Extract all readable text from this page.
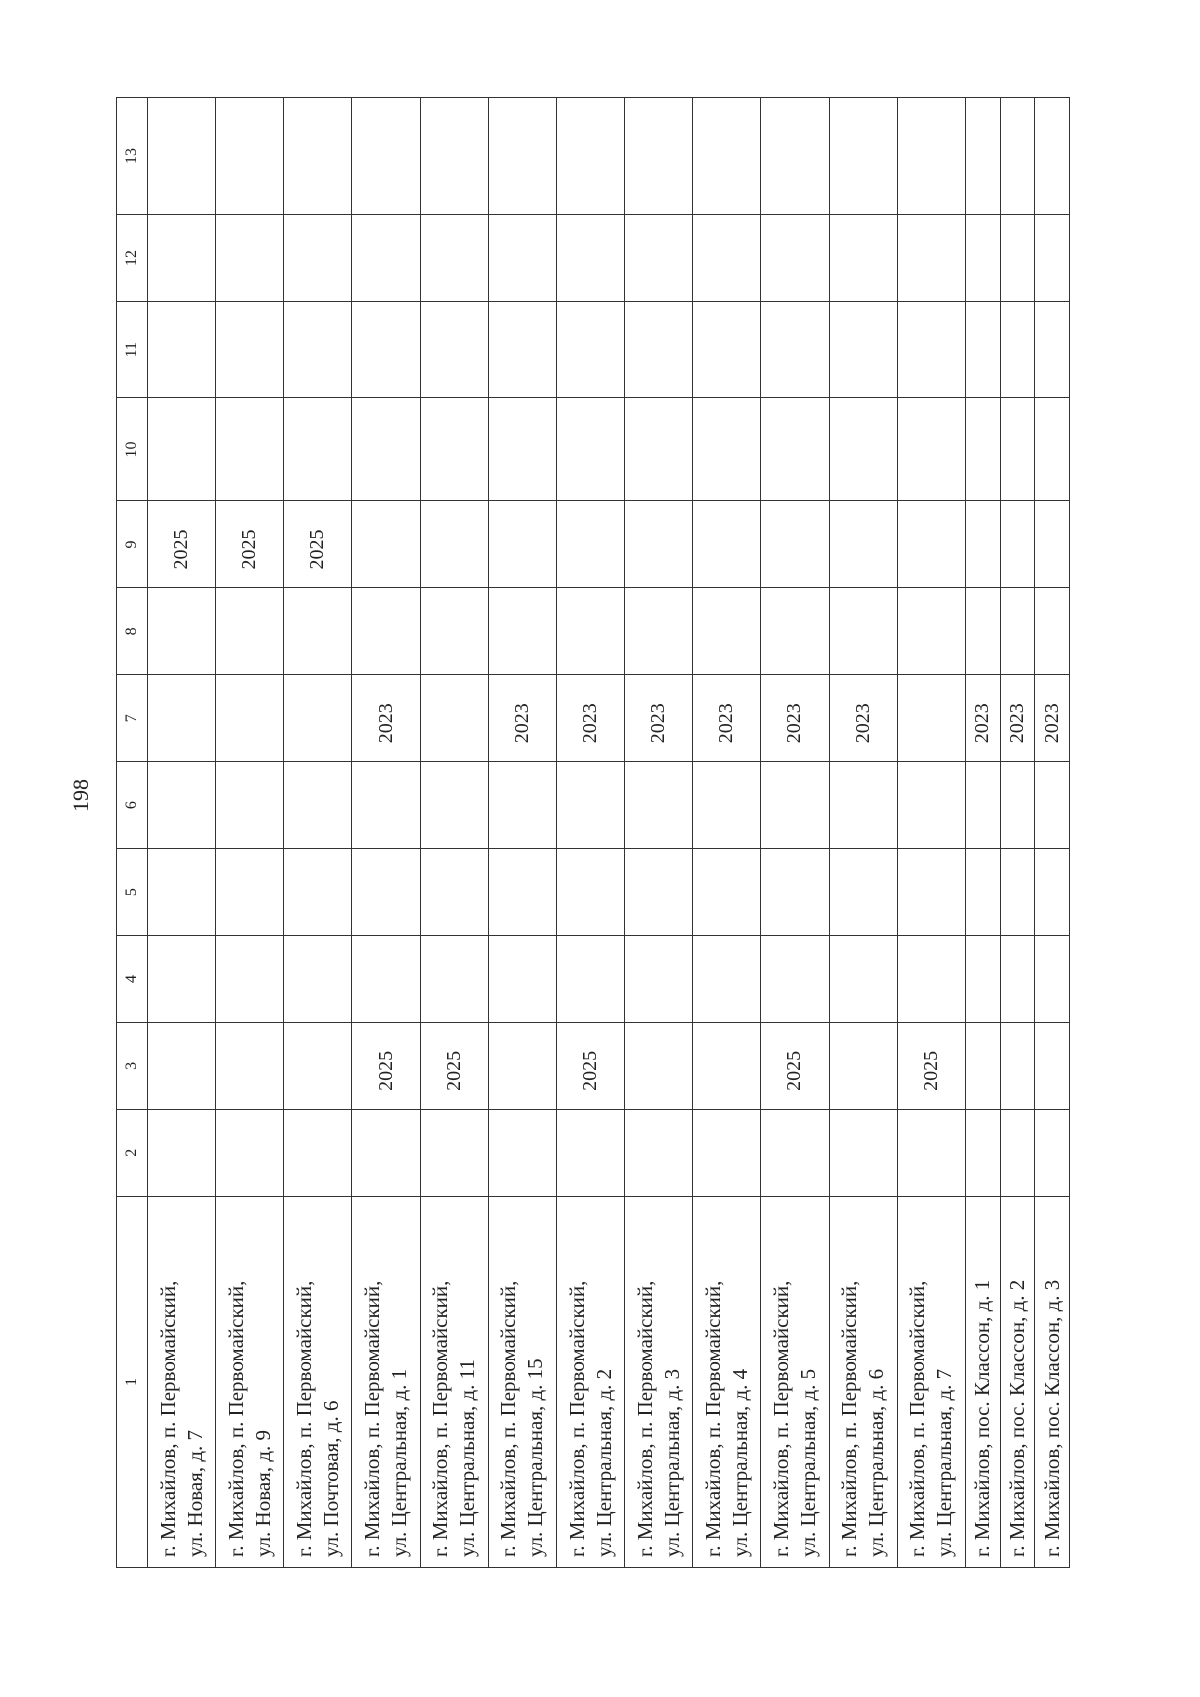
198
1	2	3	4	5	6	7	8	9	10	11	12	13
г. Михайлов, п. Первомайский,
ул. Новая, д. 7								2025				
г. Михайлов, п. Первомайский,
ул. Новая, д. 9								2025				
г. Михайлов, п. Первомайский,
ул. Почтовая, д. 6								2025				
г. Михайлов, п. Первомайский,
ул. Центральная, д. 1		2025				2023						
г. Михайлов, п. Первомайский,
ул. Центральная, д. 11		2025										
г. Михайлов, п. Первомайский,
ул. Центральная, д. 15						2023						
г. Михайлов, п. Первомайский,
ул. Центральная, д. 2		2025				2023						
г. Михайлов, п. Первомайский,
ул. Центральная, д. 3						2023						
г. Михайлов, п. Первомайский,
ул. Центральная, д. 4						2023						
г. Михайлов, п. Первомайский,
ул. Центральная, д. 5		2025				2023						
г. Михайлов, п. Первомайский,
ул. Центральная, д. 6						2023						
г. Михайлов, п. Первомайский,
ул. Центральная, д. 7		2025										
г. Михайлов, пос. Классон, д. 1						2023						
г. Михайлов, пос. Классон, д. 2						2023						
г. Михайлов, пос. Классон, д. 3						2023						
